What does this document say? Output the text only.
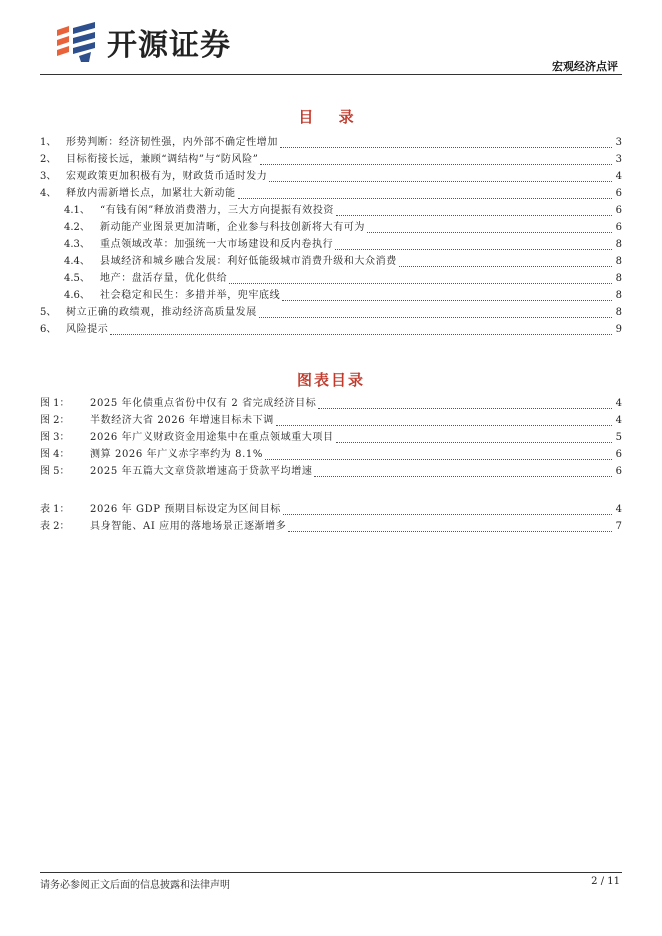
开源证券
宏观经济点评
目 录
1、 形势判断：经济韧性强，内外部不确定性增加	3
2、 目标衔接长远，兼顾“调结构”与“防风险”	3
3、 宏观政策更加积极有为，财政货币适时发力	4
4、 释放内需新增长点，加紧壮大新动能	6
4.1、	“有钱有闲”释放消费潜力，三大方向提振有效投资	6
4.2、	新动能产业图景更加清晰，企业参与科技创新将大有可为	6
4.3、	重点领域改革：加强统一大市场建设和反内卷执行	8
4.4、	县域经济和城乡融合发展：利好低能级城市消费升级和大众消费	8
4.5、	地产：盘活存量，优化供给	8
4.6、	社会稳定和民生：多措并举，兜牢底线	8
5、 树立正确的政绩观，推动经济高质量发展	8
6、 风险提示	9
图表目录
图 1：	2025 年化债重点省份中仅有 2 省完成经济目标	4
图 2：	半数经济大省 2026 年增速目标未下调	4
图 3：	2026 年广义财政资金用途集中在重点领域重大项目	5
图 4：	测算 2026 年广义赤字率约为 8.1%	6
图 5：	2025 年五篇大文章贷款增速高于贷款平均增速	6
表 1：	2026 年 GDP 预期目标设定为区间目标	4
表 2：	具身智能、AI 应用的落地场景正逐渐增多	7
请务必参阅正文后面的信息披露和法律声明	2 / 11
